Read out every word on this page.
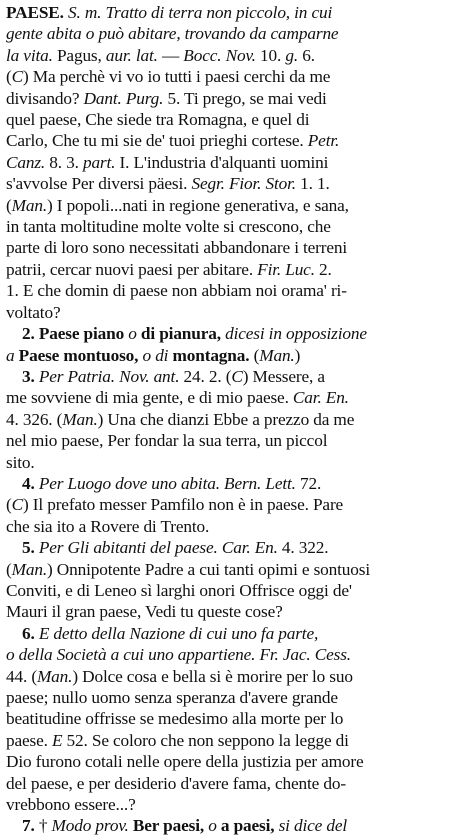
PAESE. S. m. Tratto di terra non piccolo, in cui
gente abita o può abitare, trovando da camparne
la vita. Pagus, aur. lat. — Bocc. Nov. 10. g. 6.
(C) Ma perchè vi vo io tutti i paesi cerchi da me
divisando? Dant. Purg. 5. Ti prego, se mai vedi
quel paese, Che siede tra Romagna, e quel di
Carlo, Che tu mi sie de' tuoi prieghi cortese. Petr.
Canz. 8. 3. part. I. L'industria d'alquanti uomini
s'avvolse Per diversi päesi. Segr. Fior. Stor. 1. 1.
(Man.) I popoli...nati in regione generativa, e sana,
in tanta moltitudine molte volte si crescono, che
parte di loro sono necessitati abbandonare i terreni
patrii, cercar nuovi paesi per abitare. Fir. Luc. 2.
1. E che domin di paese non abbiam noi orama' ri-
voltato?
2. Paese piano o di pianura, dicesi in opposizione
a Paese montuoso, o di montagna. (Man.)
3. Per Patria. Nov. ant. 24. 2. (C) Messere, a
me sovviene di mia gente, e di mio paese. Car. En.
4. 326. (Man.) Una che dianzi Ebbe a prezzo da me
nel mio paese, Per fondar la sua terra, un piccol
sito.
4. Per Luogo dove uno abita. Bern. Lett. 72.
(C) Il prefato messer Pamfilo non è in paese. Pare
che sia ito a Rovere di Trento.
5. Per Gli abitanti del paese. Car. En. 4. 322.
(Man.) Onnipotente Padre a cui tanti opimi e sontuosi
Conviti, e di Leneo sì larghi onori Offrisce oggi de'
Mauri il gran paese, Vedi tu queste cose?
6. E detto della Nazione di cui uno fa parte,
o della Società a cui uno appartiene. Fr. Jac. Cess.
44. (Man.) Dolce cosa e bella si è morire per lo suo
paese; nullo uomo senza speranza d'avere grande
beatitudine offrisse se medesimo alla morte per lo
paese. E 52. Se coloro che non seppono la legge di
Dio furono cotali nelle opere della justizia per amore
del paese, e per desiderio d'avere fama, chente do-
vrebbono essere...?
7. † Modo prov. Ber paesi, o a paesi, si dice del
